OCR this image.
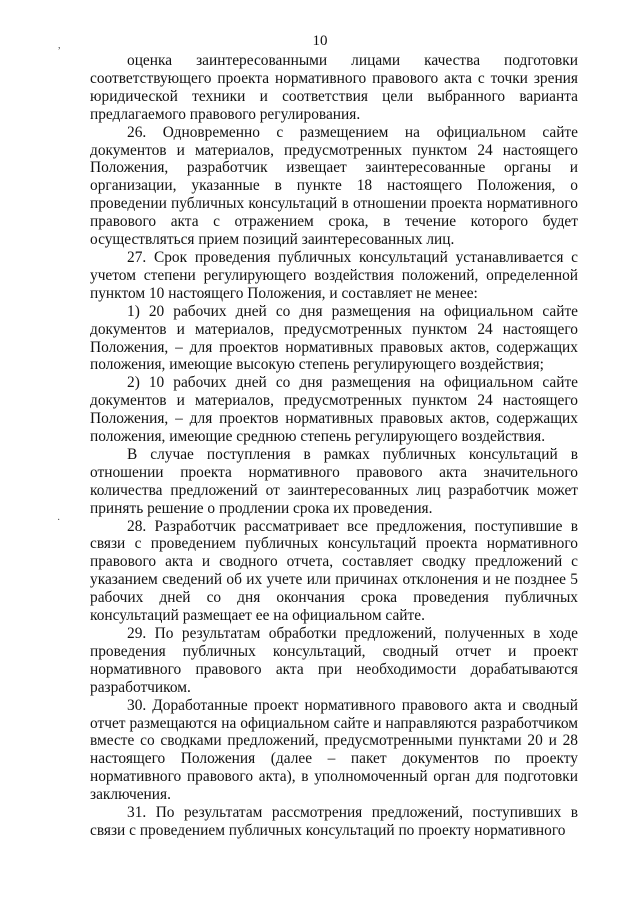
10
,
·

оценка заинтересованными лицами качества подготовки соответствующего проекта нормативного правового акта с точки зрения юридической техники и соответствия цели выбранного варианта предлагаемого правового регулирования.

26. Одновременно с размещением на официальном сайте документов и материалов, предусмотренных пунктом 24 настоящего Положения, разработчик извещает заинтересованные органы и организации, указанные в пункте 18 настоящего Положения, о проведении публичных консультаций в отношении проекта нормативного правового акта с отражением срока, в течение которого будет осуществляться прием позиций заинтересованных лиц.

27. Срок проведения публичных консультаций устанавливается с учетом степени регулирующего воздействия положений, определенной пунктом 10 настоящего Положения, и составляет не менее:

1) 20 рабочих дней со дня размещения на официальном сайте документов и материалов, предусмотренных пунктом 24 настоящего Положения, – для проектов нормативных правовых актов, содержащих положения, имеющие высокую степень регулирующего воздействия;

2) 10 рабочих дней со дня размещения на официальном сайте документов и материалов, предусмотренных пунктом 24 настоящего Положения, – для проектов нормативных правовых актов, содержащих положения, имеющие среднюю степень регулирующего воздействия.

В случае поступления в рамках публичных консультаций в отношении проекта нормативного правового акта значительного количества предложений от заинтересованных лиц разработчик может принять решение о продлении срока их проведения.

28. Разработчик рассматривает все предложения, поступившие в связи с проведением публичных консультаций проекта нормативного правового акта и сводного отчета, составляет сводку предложений с указанием сведений об их учете или причинах отклонения и не позднее 5 рабочих дней со дня окончания срока проведения публичных консультаций размещает ее на официальном сайте.

29. По результатам обработки предложений, полученных в ходе проведения публичных консультаций, сводный отчет и проект нормативного правового акта при необходимости дорабатываются разработчиком.

30. Доработанные проект нормативного правового акта и сводный отчет размещаются на официальном сайте и направляются разработчиком вместе со сводками предложений, предусмотренными пунктами 20 и 28 настоящего Положения (далее – пакет документов по проекту нормативного правового акта), в уполномоченный орган для подготовки заключения.

31. По результатам рассмотрения предложений, поступивших в связи с проведением публичных консультаций по проекту нормативного
